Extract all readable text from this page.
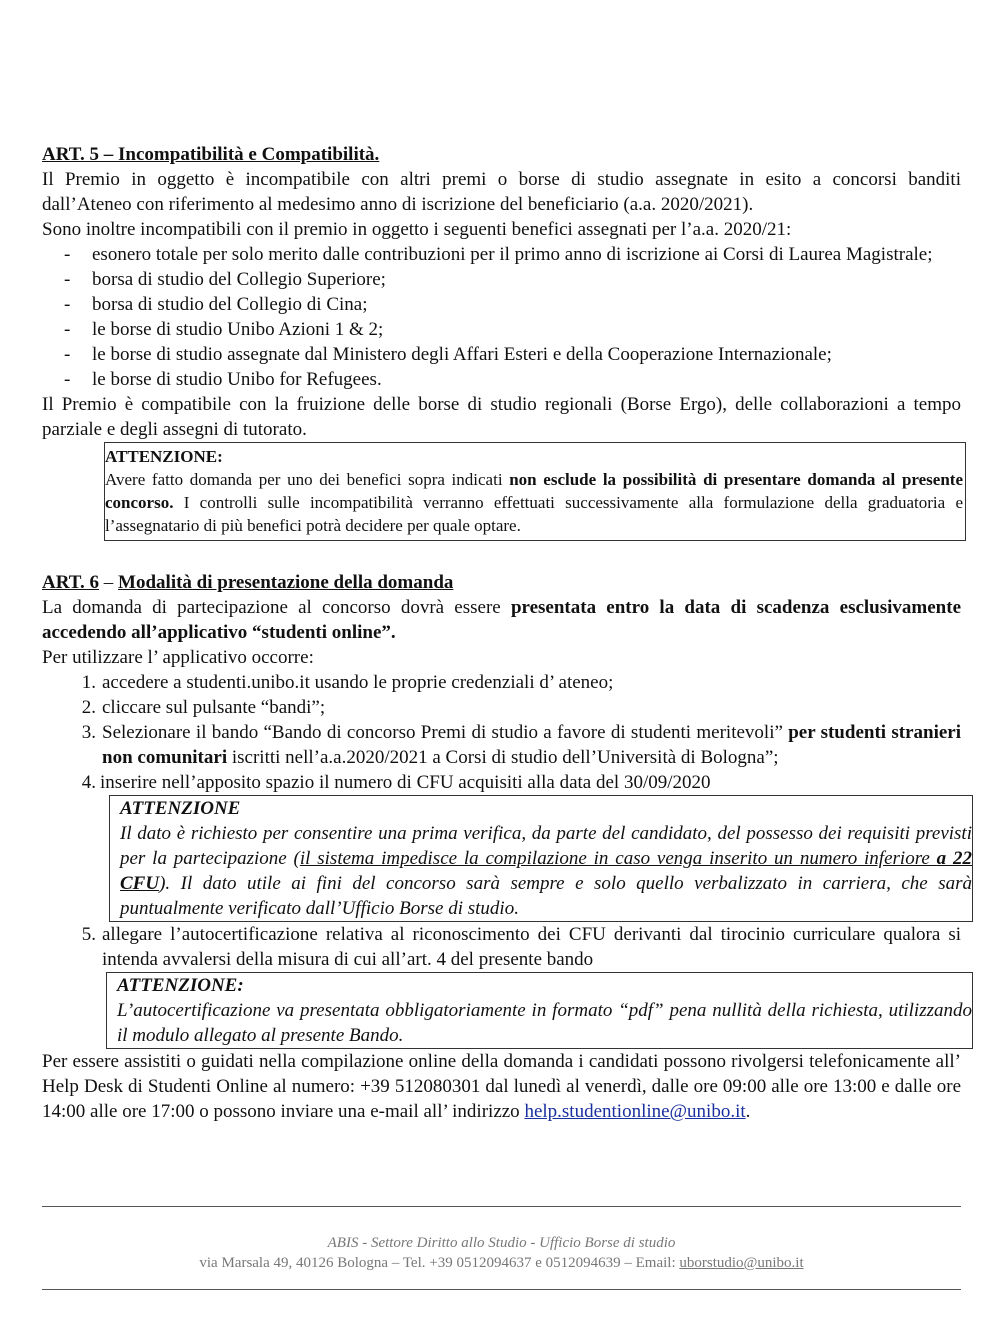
ART. 5 – Incompatibilità e Compatibilità.

Il Premio in oggetto è incompatibile con altri premi o borse di studio assegnate in esito a concorsi banditi

dall’Ateneo con riferimento al medesimo anno di iscrizione del beneficiario (a.a. 2020/2021).

Sono inoltre incompatibili con il premio in oggetto i seguenti benefici assegnati per l’a.a. 2020/21:

-	esonero totale per solo merito dalle contribuzioni per il primo anno di iscrizione ai Corsi di Laurea Magistrale;
-	borsa di studio del Collegio Superiore;
-	borsa di studio del Collegio di Cina;
-	le borse di studio Unibo Azioni 1 & 2;
-	le borse di studio assegnate dal Ministero degli Affari Esteri e della Cooperazione Internazionale;
-	le borse di studio Unibo for Refugees.

Il Premio è compatibile con la fruizione delle borse di studio regionali (Borse Ergo), delle collaborazioni a tempo parziale e degli assegni di tutorato.

ATTENZIONE:
Avere fatto domanda per uno dei benefici sopra indicati non esclude la possibilità di presentare domanda al presente concorso. I controlli sulle incompatibilità verranno effettuati successivamente alla formulazione della graduatoria e l’assegnatario di più benefici potrà decidere per quale optare.

ART. 6 – Modalità di presentazione della domanda

La domanda di partecipazione al concorso dovrà essere presentata entro la data di scadenza esclusivamente accedendo all’applicativo “studenti online”.

Per utilizzare l’ applicativo occorre:

1. accedere a studenti.unibo.it usando le proprie credenziali d’ ateneo;
2. cliccare sul pulsante “bandi”;
3. Selezionare il bando “Bando di concorso Premi di studio a favore di studenti meritevoli” per studenti stranieri non comunitari iscritti nell’a.a.2020/2021 a Corsi di studio dell’Università di Bologna”;
4. inserire nell’apposito spazio il numero di CFU acquisiti alla data del 30/09/2020
ATTENZIONE
Il dato è richiesto per consentire una prima verifica, da parte del candidato, del possesso dei requisiti previsti per la partecipazione (il sistema impedisce la compilazione in caso venga inserito un numero inferiore a 22 CFU). Il dato utile ai fini del concorso sarà sempre e solo quello verbalizzato in carriera, che sarà puntualmente verificato dall’Ufficio Borse di studio.
5. allegare l’autocertificazione relativa al riconoscimento dei CFU derivanti dal tirocinio curriculare qualora si intenda avvalersi della misura di cui all’art. 4 del presente bando
ATTENZIONE:
L’autocertificazione va presentata obbligatoriamente in formato “pdf” pena nullità della richiesta, utilizzando il modulo allegato al presente Bando.

Per essere assistiti o guidati nella compilazione online della domanda i candidati possono rivolgersi telefonicamente all’ Help Desk di Studenti Online al numero: +39 512080301 dal lunedì al venerdì, dalle ore 09:00 alle ore 13:00 e dalle ore 14:00 alle ore 17:00 o possono inviare una e-mail all’ indirizzo help.studentionline@unibo.it.

ABIS - Settore Diritto allo Studio - Ufficio Borse di studio
via Marsala 49, 40126 Bologna – Tel. +39 0512094637 e 0512094639 – Email: uborstudio@unibo.it
